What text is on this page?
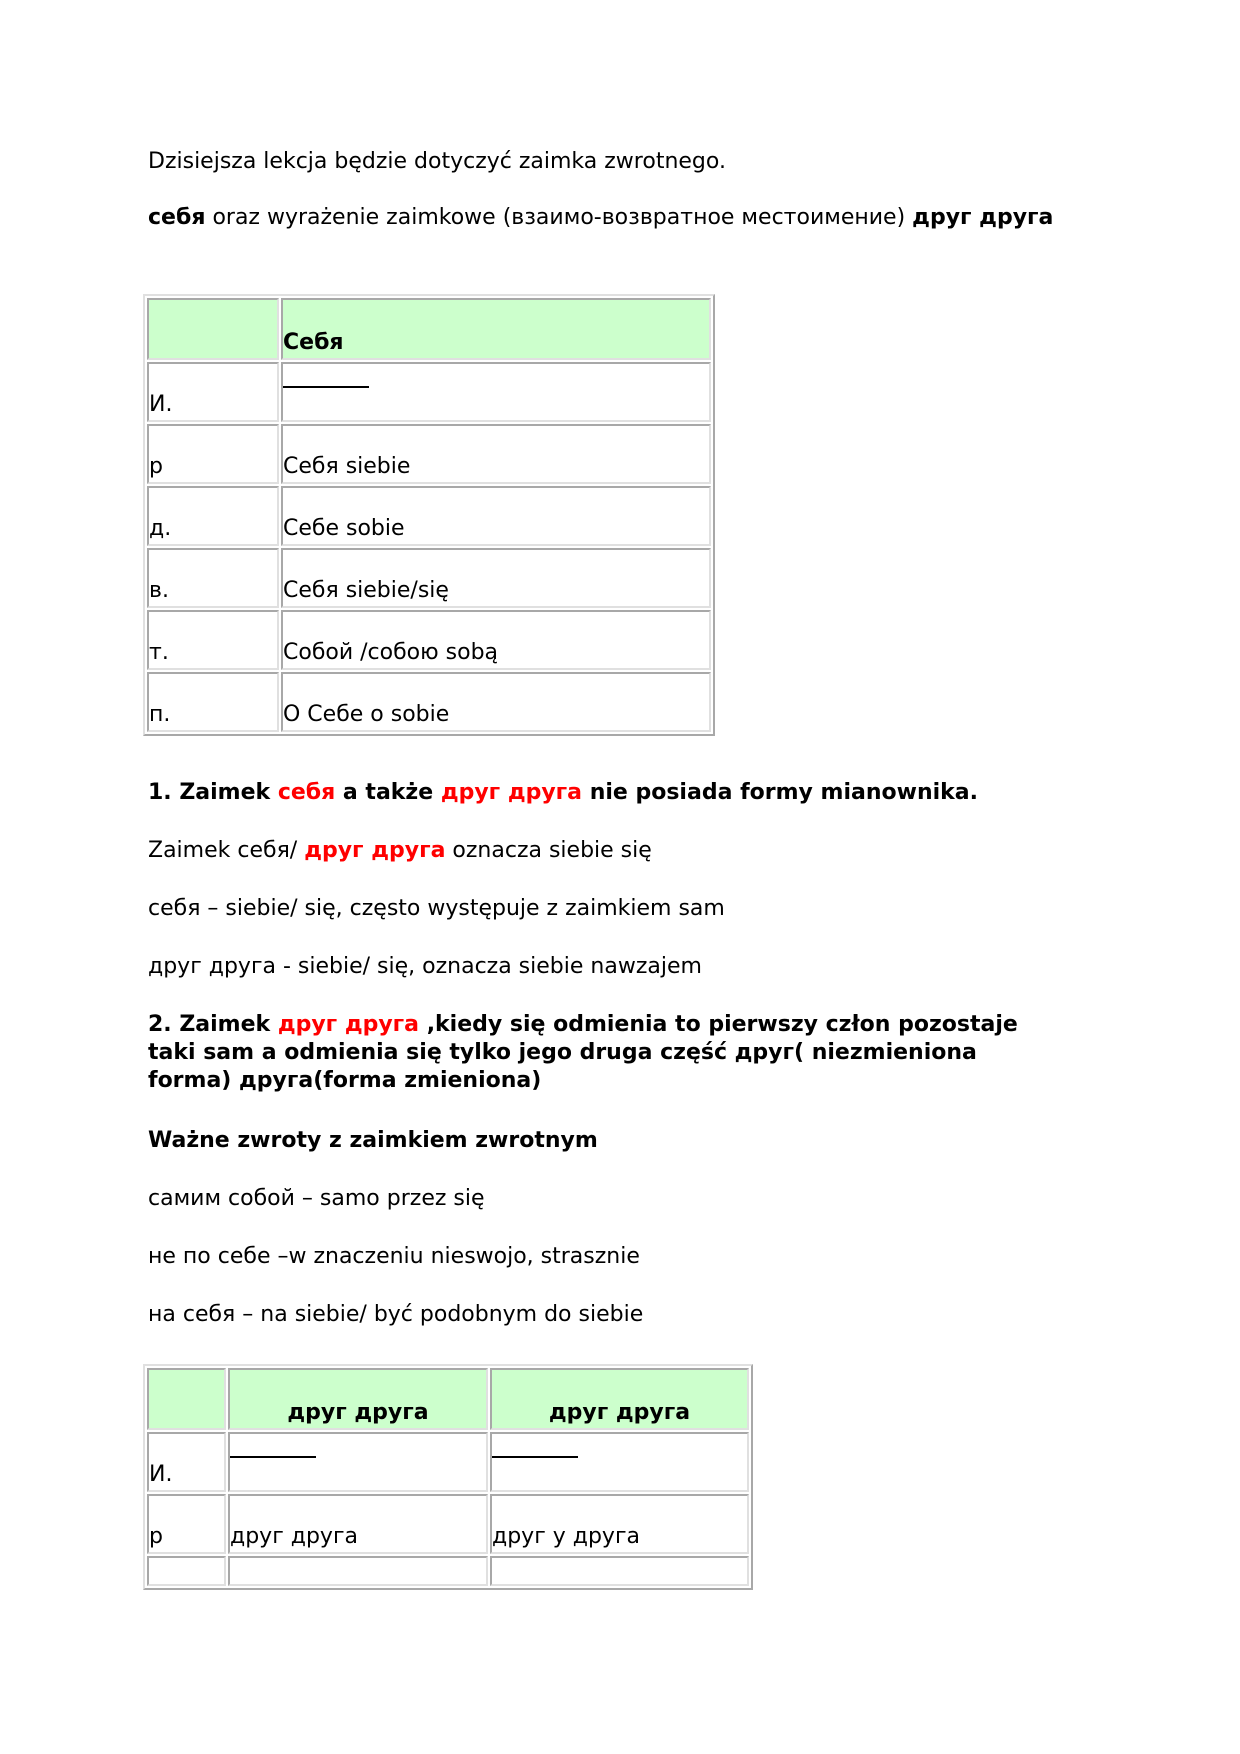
Dzisiejsza lekcja będzie dotyczyć zaimka zwrotnego.
себя oraz wyrażenie zaimkowe (взаимо-возвратное местоимение) друг друга
	Себя
И.	

р	Себя siebie
д.	Себе sobie
в.	Себя siebie/się
т.	Собой /собою sobą
п.	О Себе o sobie
1. Zaimek себя a także друг друга nie posiada formy mianownika.
Zaimek себя/ друг друга oznacza siebie się
себя – siebie/ się, często występuje z zaimkiem sam
друг друга - siebie/ się, oznacza siebie nawzajem
2. Zaimek друг друга ,kiedy się odmienia to pierwszy człon pozostaje taki sam a odmienia się tylko jego druga część друг( niezmieniona forma) друга(forma zmieniona)
Ważne zwroty z zaimkiem zwrotnym
самим собой – samo przez się
не по себе –w znaczeniu nieswojo, strasznie
на себя – na siebie/ być podobnym do siebie
	друг друга	друг друга
И.	

р	друг друга	друг у друга
